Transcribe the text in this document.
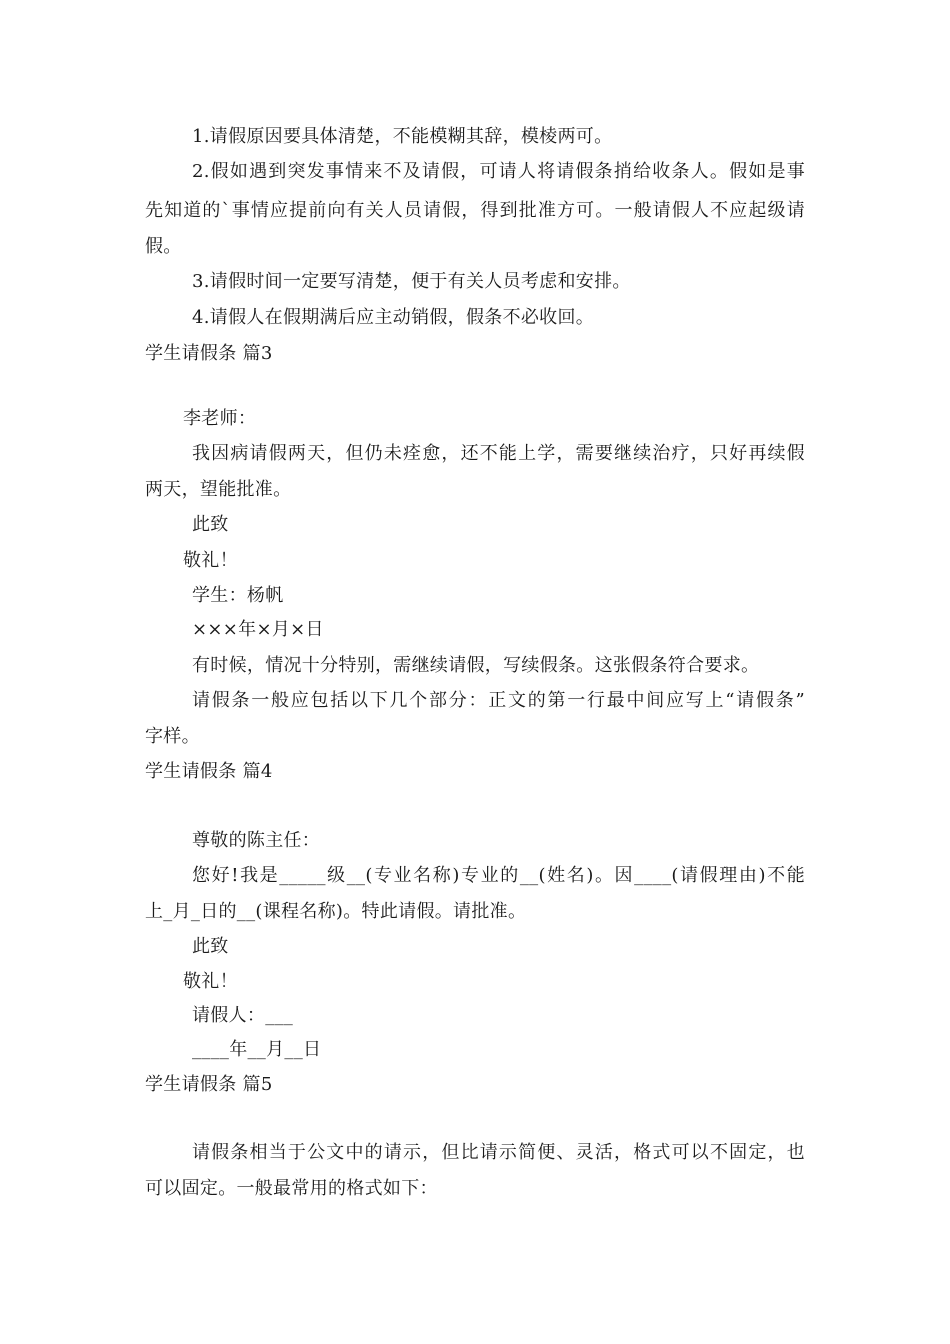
1.请假原因要具体清楚，不能模糊其辞，模棱两可。
2.假如遇到突发事情来不及请假，可请人将请假条捎给收条人。假如是事
先知道的`事情应提前向有关人员请假，得到批准方可。一般请假人不应起级请
假。
3.请假时间一定要写清楚，便于有关人员考虑和安排。
4.请假人在假期满后应主动销假，假条不必收回。
学生请假条 篇3
李老师：
我因病请假两天，但仍未痊愈，还不能上学，需要继续治疗，只好再续假
两天，望能批准。
此致
敬礼！
学生：杨帆
×××年×月×日
有时候，情况十分特别，需继续请假，写续假条。这张假条符合要求。
请假条一般应包括以下几个部分：正文的第一行最中间应写上“请假条”
字样。
学生请假条 篇4
尊敬的陈主任：
您好!我是_____级__(专业名称)专业的__(姓名)。因____(请假理由)不能
上_月_日的__(课程名称)。特此请假。请批准。
此致
敬礼！
请假人：___
____年__月__日
学生请假条 篇5
请假条相当于公文中的请示，但比请示简便、灵活，格式可以不固定，也
可以固定。一般最常用的格式如下：
